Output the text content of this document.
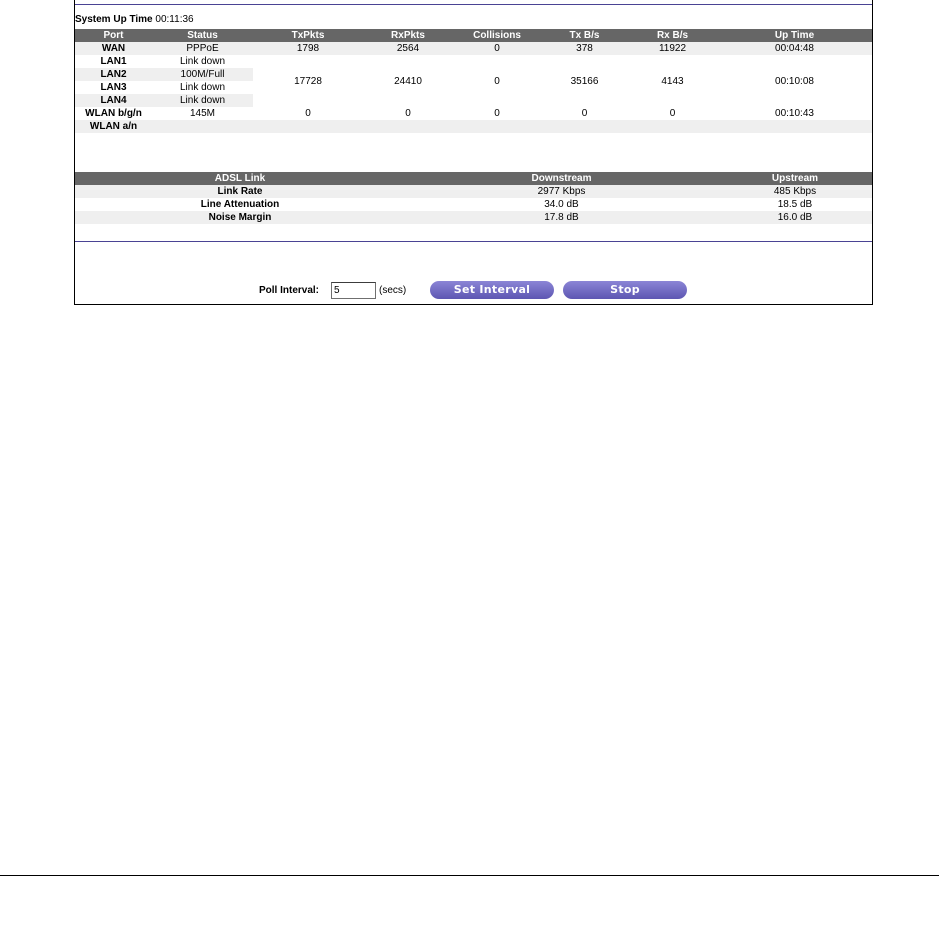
System Up Time 00:11:36
Port	Status	TxPkts	RxPkts	Collisions	Tx B/s	Rx B/s	Up Time
WAN	PPPoE	1798	2564	0	378	11922	00:04:48
LAN1	Link down	17728	24410	0	35166	4143	00:10:08
LAN2	100M/Full						
LAN3	Link down						
LAN4	Link down						
WLAN b/g/n	145M	0	0	0	0	0	00:10:43
WLAN a/n							
ADSL Link	Downstream	Upstream
Link Rate	2977 Kbps	485 Kbps
Line Attenuation	34.0 dB	18.5 dB
Noise Margin	17.8 dB	16.0 dB
Poll Interval:
5	(secs)	Set Interval	Stop
